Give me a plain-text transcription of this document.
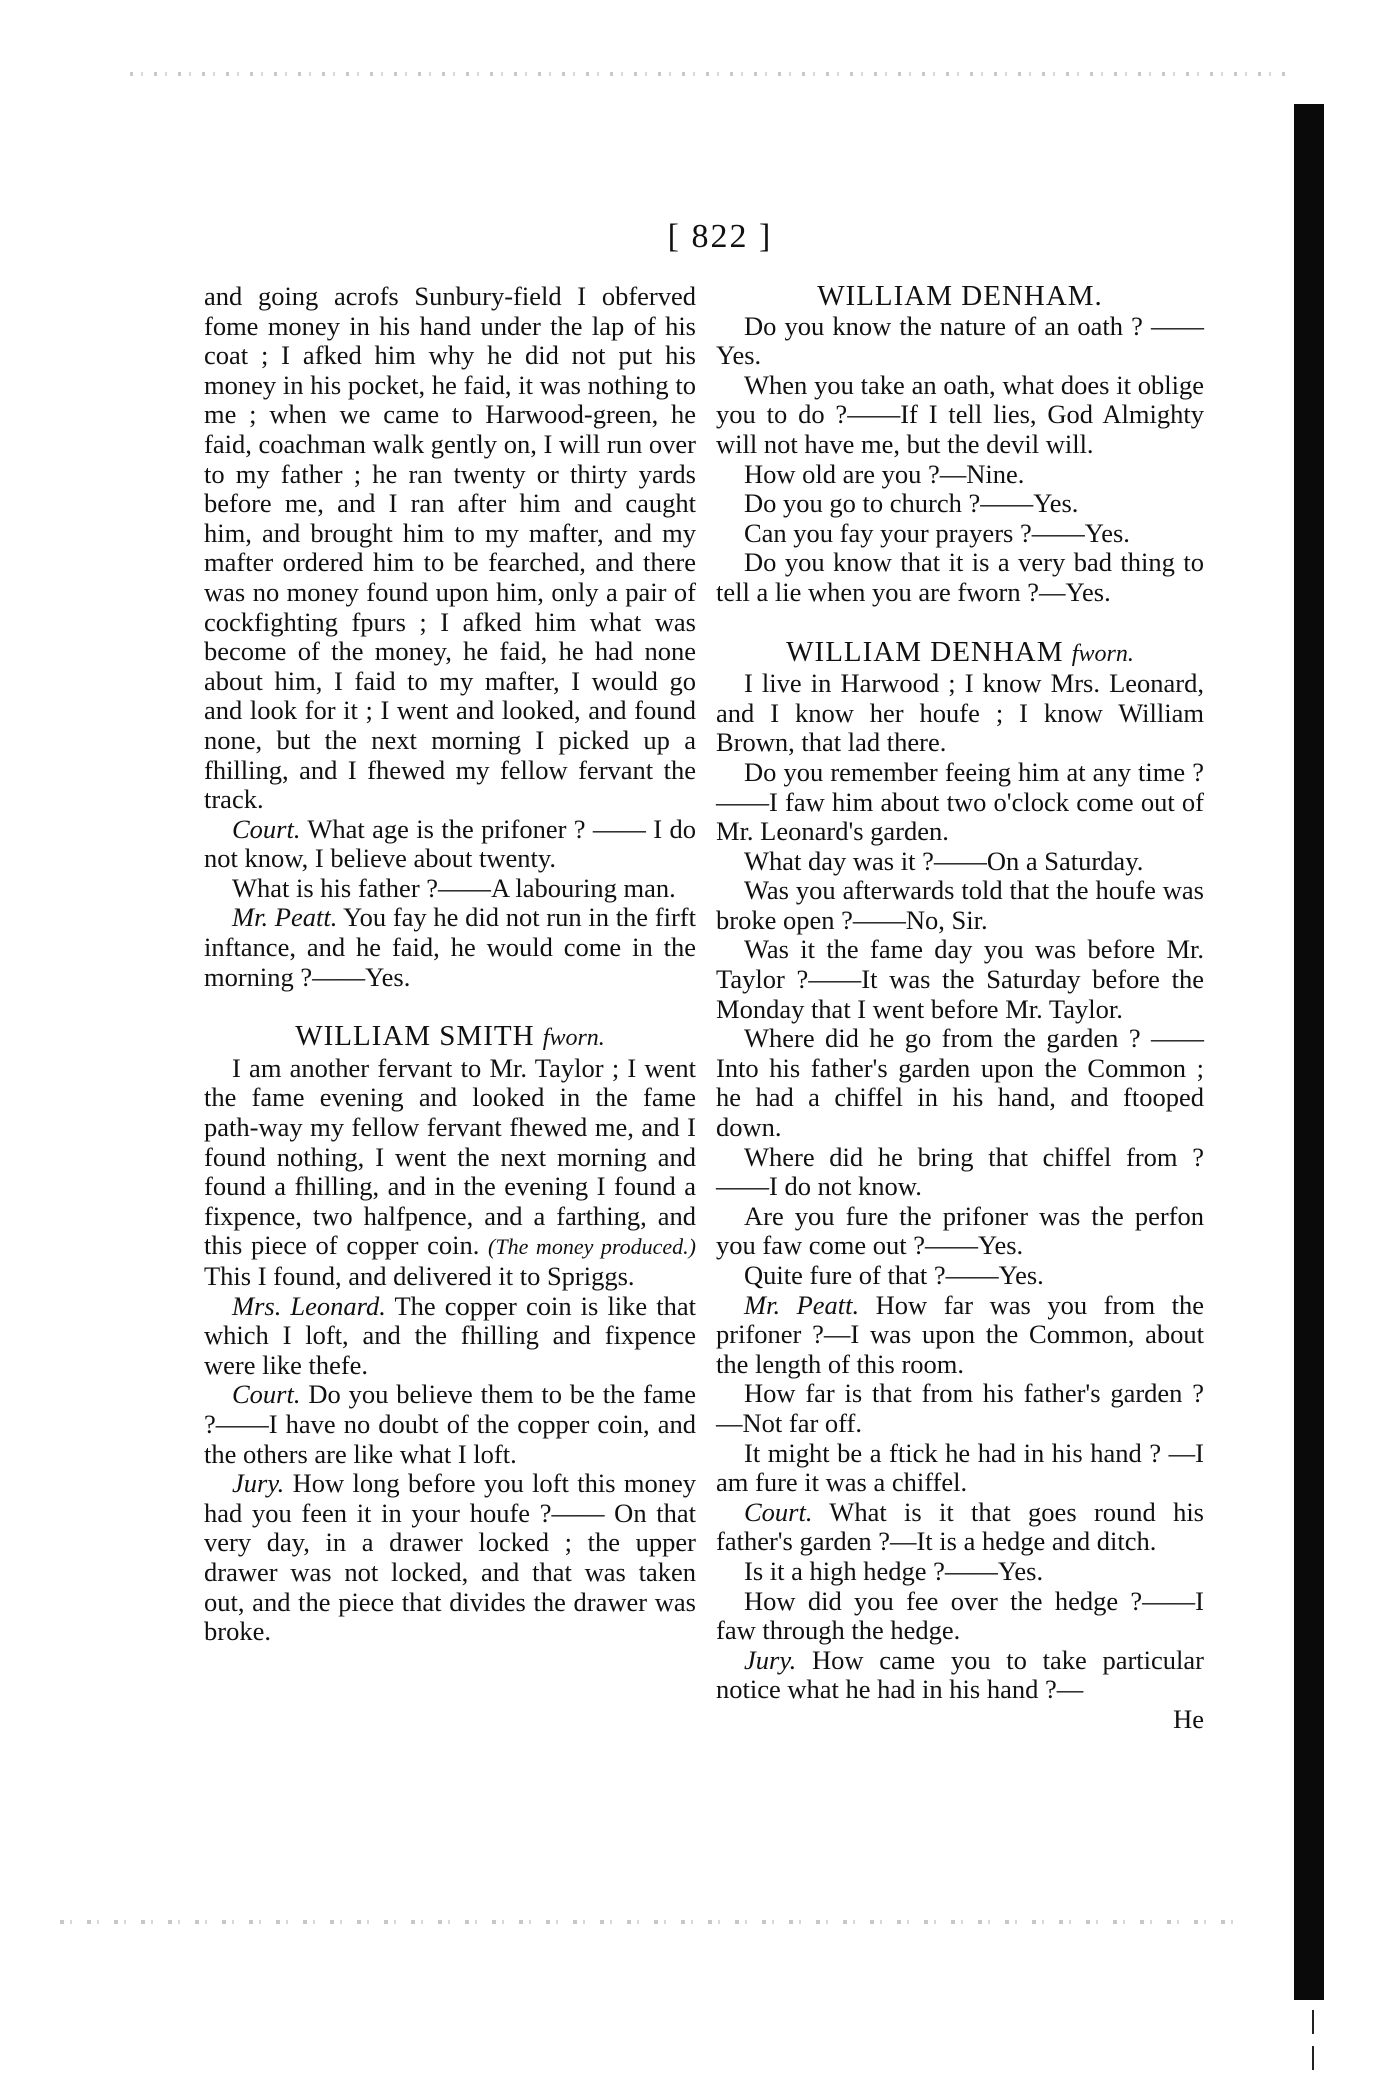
[ 822 ]

and going acrofs Sunbury-field I obferved fome money in his hand under the lap of his coat ; I afked him why he did not put his money in his pocket, he faid, it was nothing to me ; when we came to Harwood-green, he faid, coachman walk gently on, I will run over to my father ; he ran twenty or thirty yards before me, and I ran after him and caught him, and brought him to my mafter, and my mafter ordered him to be fearched, and there was no money found upon him, only a pair of cockfighting fpurs ; I afked him what was become of the money, he faid, he had none about him, I faid to my mafter, I would go and look for it ; I went and looked, and found none, but the next morning I picked up a fhilling, and I fhewed my fellow fervant the track.

Court. What age is the prifoner ? —— I do not know, I believe about twenty.

What is his father ?——A labouring man.

Mr. Peatt. You fay he did not run in the firft inftance, and he faid, he would come in the morning ?——Yes.

WILLIAM SMITH fworn.

I am another fervant to Mr. Taylor ; I went the fame evening and looked in the fame path-way my fellow fervant fhewed me, and I found nothing, I went the next morning and found a fhilling, and in the evening I found a fixpence, two halfpence, and a farthing, and this piece of copper coin. (The money produced.) This I found, and delivered it to Spriggs.

Mrs. Leonard. The copper coin is like that which I loft, and the fhilling and fixpence were like thefe.

Court. Do you believe them to be the fame ?——I have no doubt of the copper coin, and the others are like what I loft.

Jury. How long before you loft this money had you feen it in your houfe ?—— On that very day, in a drawer locked ; the upper drawer was not locked, and that was taken out, and the piece that divides the drawer was broke.

WILLIAM DENHAM.

Do you know the nature of an oath ? ——Yes.

When you take an oath, what does it oblige you to do ?——If I tell lies, God Almighty will not have me, but the devil will.

How old are you ?—Nine.

Do you go to church ?——Yes.

Can you fay your prayers ?——Yes.

Do you know that it is a very bad thing to tell a lie when you are fworn ?—Yes.

WILLIAM DENHAM fworn.

I live in Harwood ; I know Mrs. Leonard, and I know her houfe ; I know William Brown, that lad there.

Do you remember feeing him at any time ?——I faw him about two o'clock come out of Mr. Leonard's garden.

What day was it ?——On a Saturday.

Was you afterwards told that the houfe was broke open ?——No, Sir.

Was it the fame day you was before Mr. Taylor ?——It was the Saturday before the Monday that I went before Mr. Taylor.

Where did he go from the garden ? —— Into his father's garden upon the Common ; he had a chiffel in his hand, and ftooped down.

Where did he bring that chiffel from ? ——I do not know.

Are you fure the prifoner was the perfon you faw come out ?——Yes.

Quite fure of that ?——Yes.

Mr. Peatt. How far was you from the prifoner ?—I was upon the Common, about the length of this room.

How far is that from his father's garden ?—Not far off.

It might be a ftick he had in his hand ? —I am fure it was a chiffel.

Court. What is it that goes round his father's garden ?—It is a hedge and ditch.

Is it a high hedge ?——Yes.

How did you fee over the hedge ?——I faw through the hedge.

Jury. How came you to take particular notice what he had in his hand ?—

He
